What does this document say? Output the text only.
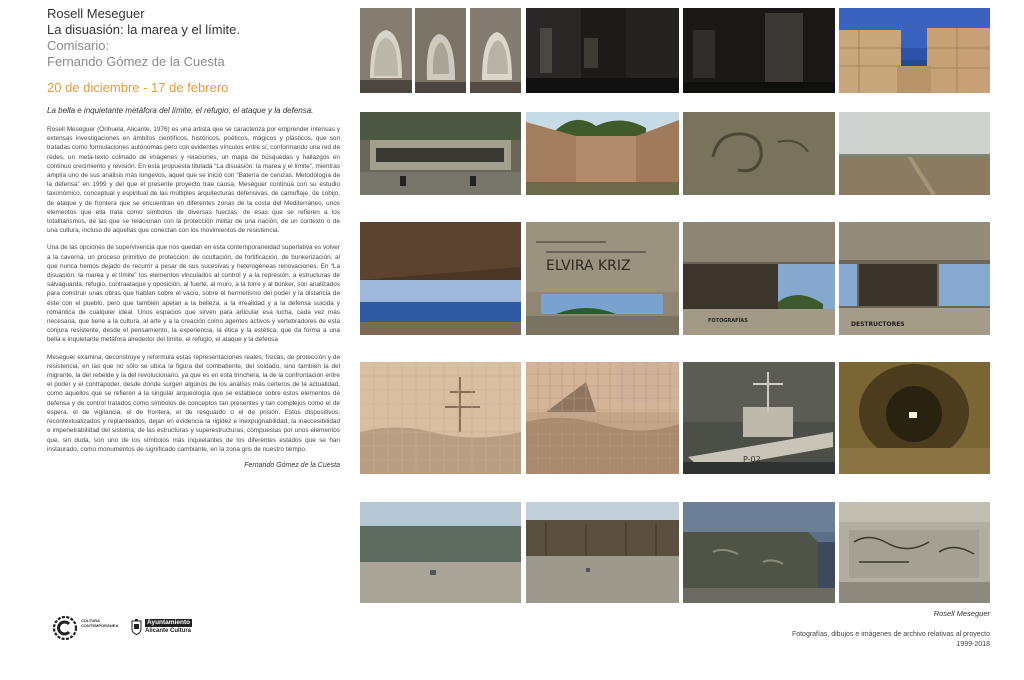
Rosell Meseguer
La disuasión: la marea y el límite.
Comisario:
Fernando Gómez de la Cuesta
20 de diciembre - 17 de febrero
La bella e inquietante metáfora del límite, el refugio, el ataque y la defensa.

Rosell Meseguer (Orihuela, Alicante, 1976) es una artista que se caracteriza por emprender intensas y extensas investigaciones en ámbitos científicos, históricos, poéticos, mágicos y plásticos, que son tratadas como formulaciones autónomas pero con evidentes vínculos entre sí, conformando una red de redes, un meta-texto colmado de imágenes y relaciones, un mapa de búsquedas y hallazgos en continuo crecimiento y revisión. En esta propuesta titulada “La disuasión: la marea y el límite”, mientras amplía uno de sus análisis más longevos, aquel que se inició con “Batería de cenizas. Metodología de la defensa” en 1999 y del que el presente proyecto trae causa, Meseguer continúa con su estudio taxonómico, conceptual y espiritual de las múltiples arquitecturas defensivas, de camuflaje, de cobijo, de ataque y de frontera que se encuentran en diferentes zonas de la costa del Mediterráneo, unos elementos que ella trata como símbolos de diversas fuerzas: de esas que se refieren a los totalitarismos, de las que se relacionan con la protección militar de una nación, de un contexto o de una cultura, incluso de aquellas que conectan con los movimientos de resistencia.

Una de las opciones de supervivencia que nos quedan en esta contemporaneidad superlativa es volver a la caverna, un proceso primitivo de protección, de ocultación, de fortificación, de bunkerización, al que nunca hemos dejado de recurrir a pesar de sus sucesivas y heterogéneas renovaciones. En “La disuasión: la marea y el límite” los elementos vinculados al control y a la represión, a estructuras de salvaguarda, refugio, contraataque y oposición, al fuerte, al muro, a la torre y al búnker, son analizados para construir unas obras que hablan sobre el vacío, sobre el hermetismo del poder y la distancia de éste con el pueblo, pero que también apelan a la belleza, a la irrealidad y a la defensa suicida y romántica de cualquier ideal. Unos espacios que sirven para articular esa lucha, cada vez más necesaria, que tiene a la cultura, al arte y a la creación como agentes activos y vertebradores de esta conjura resistente, desde el pensamiento, la experiencia, la ética y la estética, que da forma a una bella e inquietante metáfora alrededor del límite, el refugio, el ataque y la defensa

Meseguer examina, deconstruye y reformula estas representaciones reales, físicas, de protección y de resistencia, en las que no sólo se ubica la figura del combatiente, del soldado, sino también la del migrante, la del rebelde y la del revolucionario, ya que es en esta trinchera, la de la confrontación entre el poder y el contrapoder, desde donde surgen algunos de los análisis más certeros de la actualidad, como aquellos que se refieren a la singular arqueología que se establece sobre estos elementos de defensa y de control tratados como símbolos de conceptos tan presentes y tan complejos como el de espera, el de vigilancia, el de frontera, el de resguardo o el de prisión. Estos dispositivos, recontextualizados y replanteados, dejan en evidencia la rigidez e inexpugnabilidad, la inaccesibilidad e impenetrabilidad del sistema, de las estructuras y superestructuras, compuestas por unos elementos que, sin duda, son uno de los símbolos más inquietantes de los diferentes estados que se han instaurado, como monumentos de significado cambiante, en la zona gris de nuestro tiempo.

Fernando Gómez de la Cuesta
CULTURA
CONTEMPORÁNEA	Ayuntamiento
Alicante Cultura
ELVIRA KRIZ
FOTOGRAFÍAS	DESTRUCTORES
P-02
Rosell Meseguer
Fotografías, dibujos e imágenes de archivo relativas al proyecto
1999-2018
